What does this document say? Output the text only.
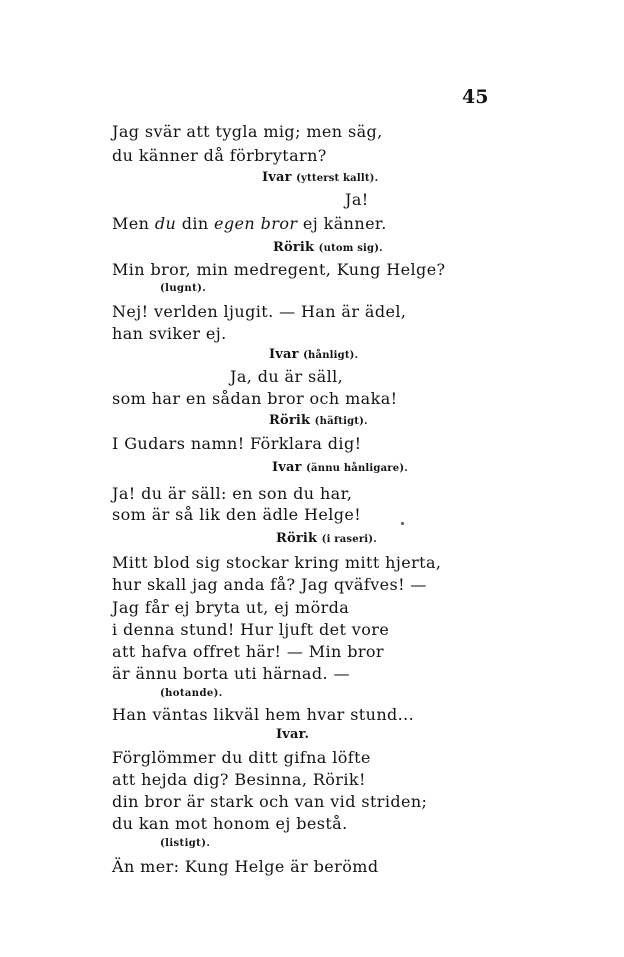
45
Jag svär att tygla mig; men säg,
du känner då förbrytarn?
Ivar (ytterst kallt).
Ja!
Men du din egen bror ej känner.
Rörik (utom sig).
Min bror, min medregent, Kung Helge?
(lugnt).
Nej! verlden ljugit. — Han är ädel,
han sviker ej.
Ivar (hånligt).
Ja, du är säll,
som har en sådan bror och maka!
Rörik (häftigt).
I Gudars namn! Förklara dig!
Ivar (ännu hånligare).
Ja! du är säll: en son du har,
som är så lik den ädle Helge!
Rörik (i raseri).
Mitt blod sig stockar kring mitt hjerta,
hur skall jag anda få? Jag qväfves! —
Jag får ej bryta ut, ej mörda
i denna stund! Hur ljuft det vore
att hafva offret här! — Min bror
är ännu borta uti härnad. —
(hotande).
Han väntas likväl hem hvar stund...
Ivar.
Förglömmer du ditt gifna löfte
att hejda dig? Besinna, Rörik!
din bror är stark och van vid striden;
du kan mot honom ej bestå.
(listigt).
Än mer: Kung Helge är berömd
